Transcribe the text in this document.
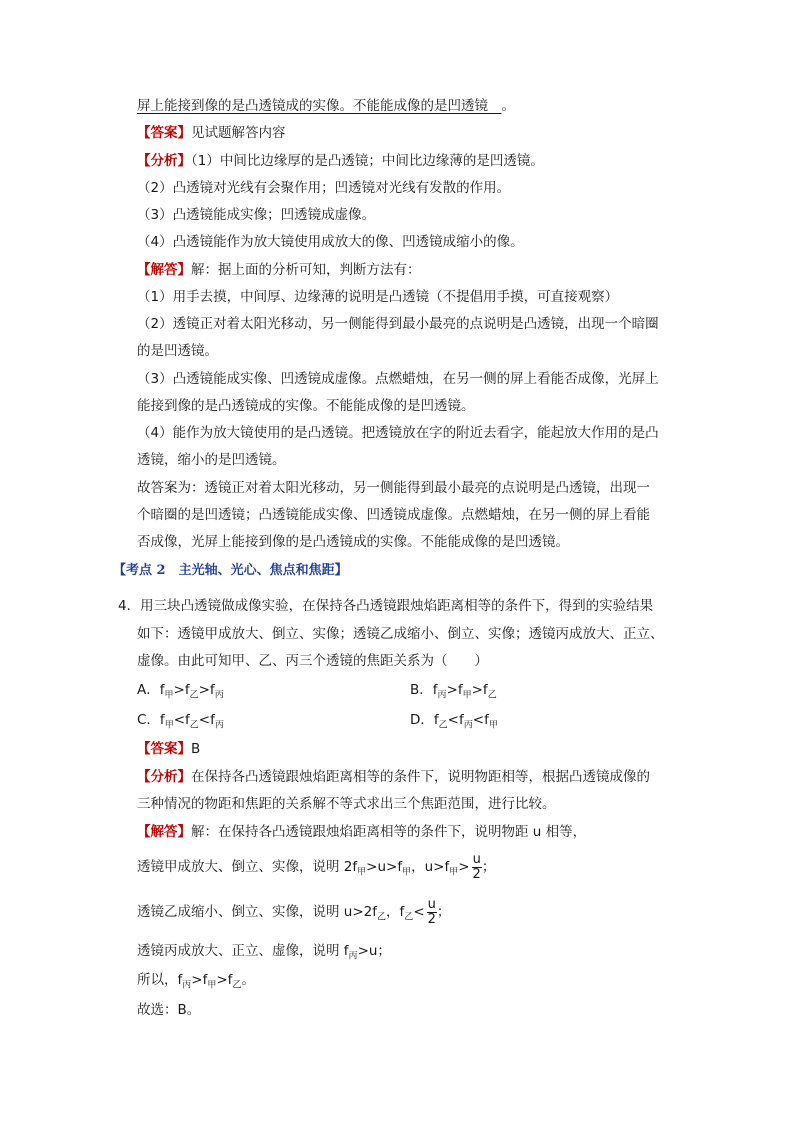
屏上能接到像的是凸透镜成的实像。不能能成像的是凹透镜　 。
【答案】见试题解答内容
【分析】（1）中间比边缘厚的是凸透镜；中间比边缘薄的是凹透镜。
（2）凸透镜对光线有会聚作用；凹透镜对光线有发散的作用。
（3）凸透镜能成实像；凹透镜成虚像。
（4）凸透镜能作为放大镜使用成放大的像、凹透镜成缩小的像。
【解答】解：据上面的分析可知，判断方法有：
（1）用手去摸，中间厚、边缘薄的说明是凸透镜（不提倡用手摸，可直接观察）
（2）透镜正对着太阳光移动，另一侧能得到最小最亮的点说明是凸透镜，出现一个暗圈
的是凹透镜。
（3）凸透镜能成实像、凹透镜成虚像。点燃蜡烛，在另一侧的屏上看能否成像，光屏上
能接到像的是凸透镜成的实像。不能能成像的是凹透镜。
（4）能作为放大镜使用的是凸透镜。把透镜放在字的附近去看字，能起放大作用的是凸
透镜，缩小的是凹透镜。
故答案为：透镜正对着太阳光移动，另一侧能得到最小最亮的点说明是凸透镜，出现一
个暗圈的是凹透镜；凸透镜能成实像、凹透镜成虚像。点燃蜡烛，在另一侧的屏上看能
否成像，光屏上能接到像的是凸透镜成的实像。不能能成像的是凹透镜。
【考点 2　主光轴、光心、焦点和焦距】
4．用三块凸透镜做成像实验，在保持各凸透镜跟烛焰距离相等的条件下，得到的实验结果
如下：透镜甲成放大、倒立、实像；透镜乙成缩小、倒立、实像；透镜丙成放大、正立、
虚像。由此可知甲、乙、丙三个透镜的焦距关系为（　　）
A．$f_甲>f_乙>f_丙$	B．$f_丙>f_甲>f_乙$
C．$f_甲<f_乙<f_丙$	D．$f_乙<f_丙<f_甲$
【答案】B
【分析】在保持各凸透镜跟烛焰距离相等的条件下，说明物距相等，根据凸透镜成像的
三种情况的物距和焦距的关系解不等式求出三个焦距范围，进行比较。
【解答】解：在保持各凸透镜跟烛焰距离相等的条件下，说明物距 u 相等，
透镜甲成放大、倒立、实像，说明 $2f_甲>u>f_甲$，$u>f_甲> \frac{u}{2}$ ；
透镜乙成缩小、倒立、实像，说明 $u>2f_乙$，$f_乙< \frac{u}{2}$ ；
透镜丙成放大、正立、虚像，说明 $f_丙>u$；
所以，$f_丙>f_甲>f_乙$。
故选：B。
